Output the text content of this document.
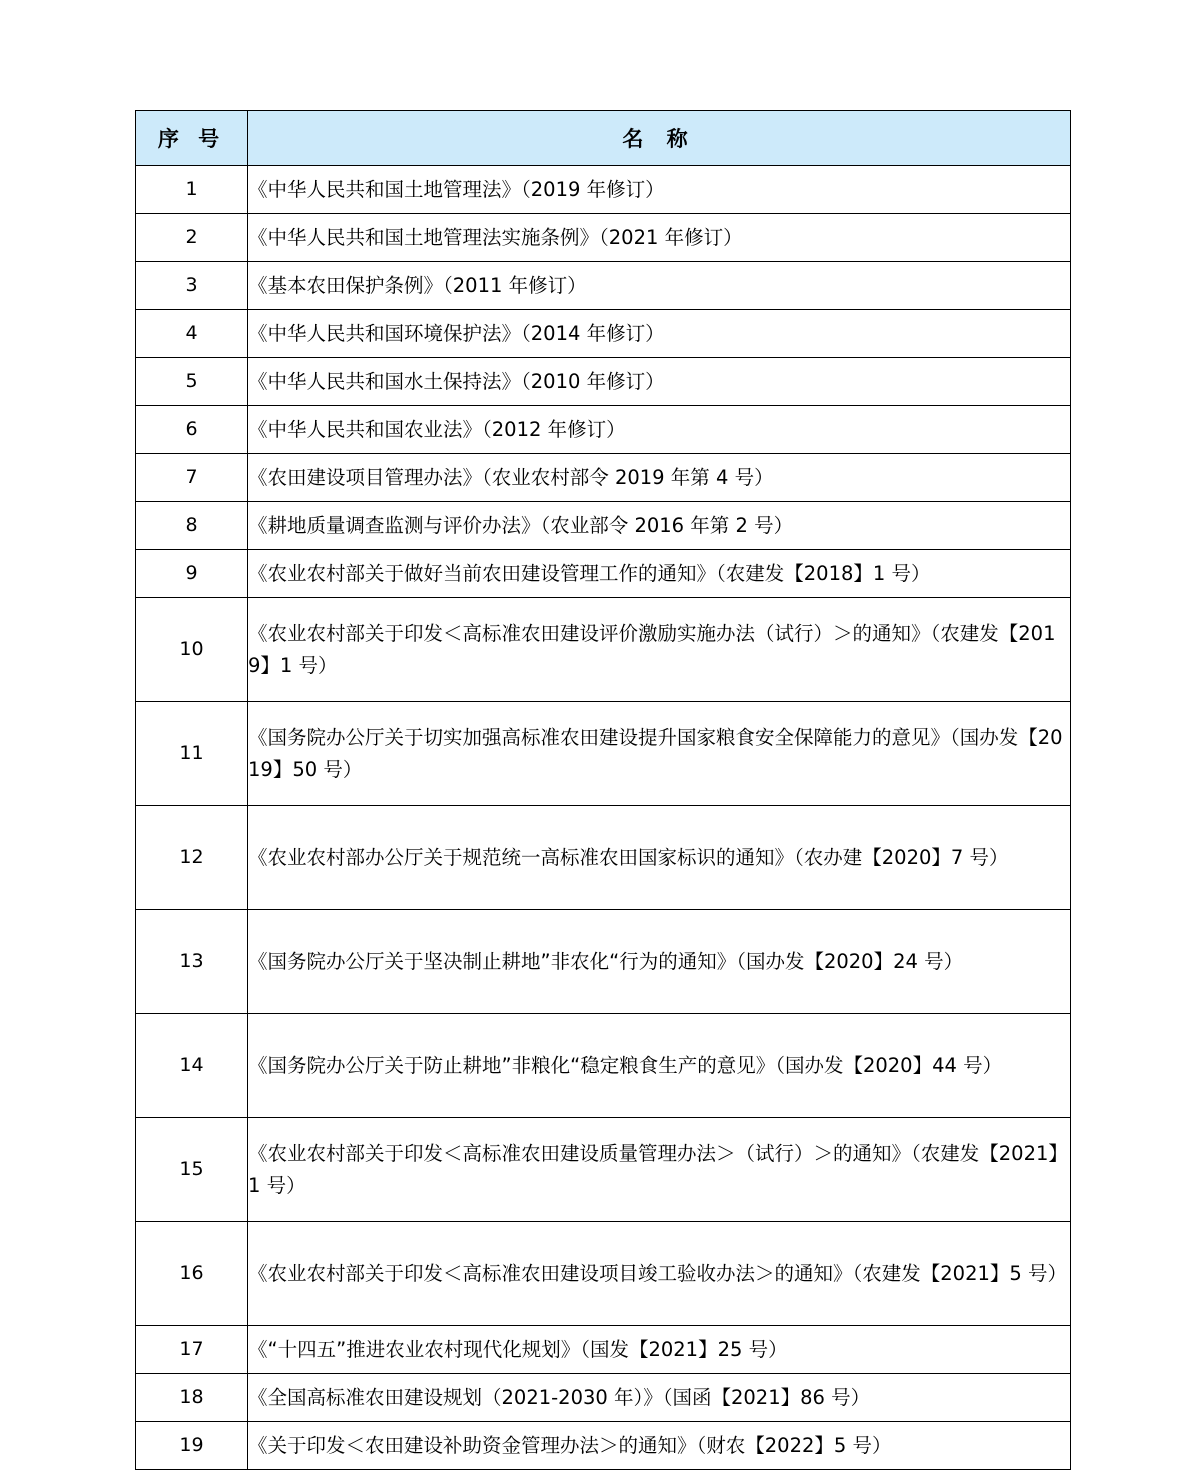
序 号	名 称
1	《中华人民共和国土地管理法》（2019 年修订）
2	《中华人民共和国土地管理法实施条例》（2021 年修订）
3	《基本农田保护条例》（2011 年修订）
4	《中华人民共和国环境保护法》（2014 年修订）
5	《中华人民共和国水土保持法》（2010 年修订）
6	《中华人民共和国农业法》（2012 年修订）
7	《农田建设项目管理办法》（农业农村部令 2019 年第 4 号）
8	《耕地质量调查监测与评价办法》（农业部令 2016 年第 2 号）
9	《农业农村部关于做好当前农田建设管理工作的通知》（农建发【2018】1 号）
10	《农业农村部关于印发＜高标准农田建设评价激励实施办法（试行）＞的通知》（农建发【2019】1 号）
11	《国务院办公厅关于切实加强高标准农田建设提升国家粮食安全保障能力的意见》（国办发【2019】50 号）
12	《农业农村部办公厅关于规范统一高标准农田国家标识的通知》（农办建【2020】7 号）
13	《国务院办公厅关于坚决制止耕地”非农化“行为的通知》（国办发【2020】24 号）
14	《国务院办公厅关于防止耕地”非粮化“稳定粮食生产的意见》（国办发【2020】44 号）
15	《农业农村部关于印发＜高标准农田建设质量管理办法＞（试行）＞的通知》（农建发【2021】1 号）
16	《农业农村部关于印发＜高标准农田建设项目竣工验收办法＞的通知》（农建发【2021】5 号）
17	《“十四五”推进农业农村现代化规划》（国发【2021】25 号）
18	《全国高标准农田建设规划（2021-2030 年）》（国函【2021】86 号）
19	《关于印发＜农田建设补助资金管理办法＞的通知》（财农【2022】5 号）
